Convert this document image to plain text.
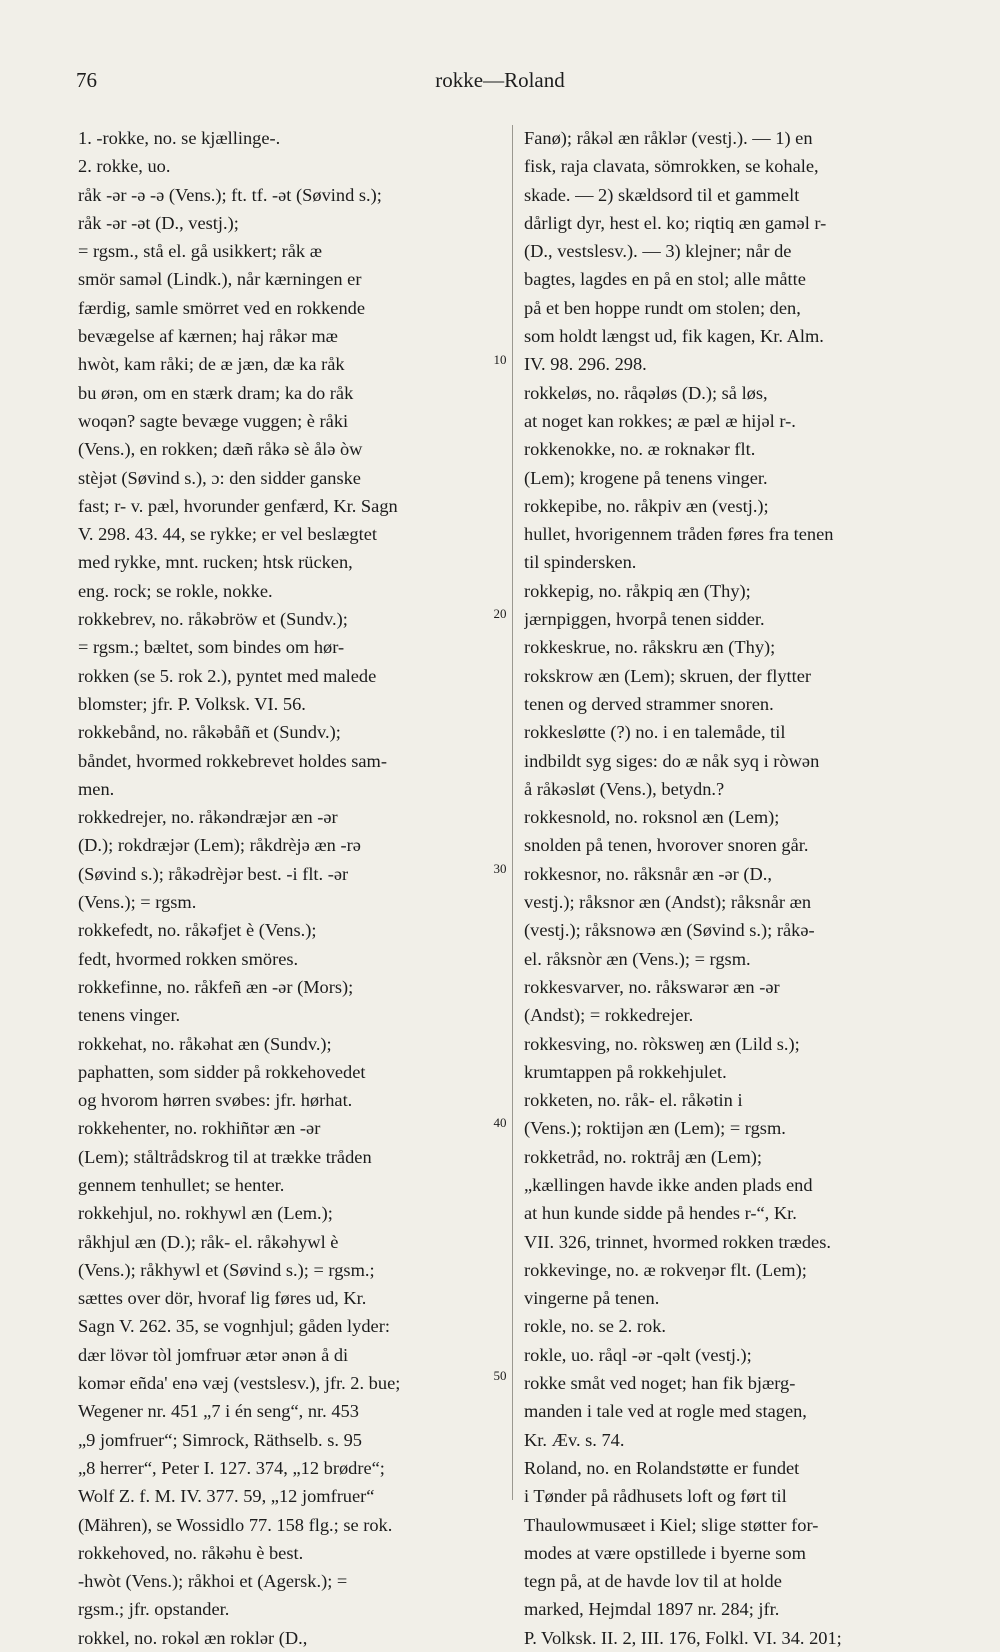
76	rokke—Roland
1. -rokke, no. se kjællinge-.
2. rokke, uo.
råk -ər -ə -ə (Vens.); ft. tf. -ət (Søvind s.);
råk -ər -ət (D., vestj.);
= rgsm., stå el. gå usikkert; råk æ
smör saməl (Lindk.), når kærningen er
færdig, samle smörret ved en rokkende
bevægelse af kærnen; haj råkər mæ
hwòt, kam råki; de æ jæn, dæ ka råk
bu ørən, om en stærk dram; ka do råk
woqən? sagte bevæge vuggen; è råki
(Vens.), en rokken; dæñ råkə sè ålə òw
stèjət (Søvind s.), ɔ: den sidder ganske
fast; r- v. pæl, hvorunder genfærd, Kr. Sagn
V. 298. 43. 44, se rykke; er vel beslægtet
med rykke, mnt. rucken; htsk rücken,
eng. rock; se rokle, nokke.
rokkebrev, no. råkəbröw et (Sundv.);
= rgsm.; bæltet, som bindes om hør-
rokken (se 5. rok 2.), pyntet med malede
blomster; jfr. P. Volksk. VI. 56.
rokkebånd, no. råkəbåñ et (Sundv.);
båndet, hvormed rokkebrevet holdes sam-
men.
rokkedrejer, no. råkəndræjər æn -ər
(D.); rokdræjər (Lem); råkdrèjə æn -rə
(Søvind s.); råkədrèjər best. -i flt. -ər
(Vens.); = rgsm.
rokkefedt, no. råkəfjet è (Vens.);
fedt, hvormed rokken smöres.
rokkefinne, no. råkfeñ æn -ər (Mors);
tenens vinger.
rokkehat, no. råkəhat æn (Sundv.);
paphatten, som sidder på rokkehovedet
og hvorom hørren svøbes: jfr. hørhat.
rokkehenter, no. rokhiñtər æn -ər
(Lem); ståltrådskrog til at trække tråden
gennem tenhullet; se henter.
rokkehjul, no. rokhywl æn (Lem.);
råkhjul æn (D.); råk- el. råkəhywl è
(Vens.); råkhywl et (Søvind s.); = rgsm.;
sættes over dör, hvoraf lig føres ud, Kr.
Sagn V. 262. 35, se vognhjul; gåden lyder:
dær lövər tòl jomfruər ætər ənən å di
komər eñda' enə væj (vestslesv.), jfr. 2. bue;
Wegener nr. 451 „7 i én seng“, nr. 453
„9 jomfruer“; Simrock, Räthselb. s. 95
„8 herrer“, Peter I. 127. 374, „12 brødre“;
Wolf Z. f. M. IV. 377. 59, „12 jomfruer“
(Mähren), se Wossidlo 77. 158 flg.; se rok.
rokkehoved, no. råkəhu è best.
-hwòt (Vens.); råkhoi et (Agersk.); =
rgsm.; jfr. opstander.
rokkel, no. rokəl æn roklər (D.,
Fanø); råkəl æn råklər (vestj.). — 1) en
fisk, raja clavata, sömrokken, se kohale,
skade. — 2) skældsord til et gammelt
dårligt dyr, hest el. ko; riqtiq æn gaməl r-
(D., vestslesv.). — 3) klejner; når de
bagtes, lagdes en på en stol; alle måtte
på et ben hoppe rundt om stolen; den,
som holdt længst ud, fik kagen, Kr. Alm.
IV. 98. 296. 298.
rokkeløs, no. råqəløs (D.); så løs,
at noget kan rokkes; æ pæl æ hijəl r-.
rokkenokke, no. æ roknakər flt.
(Lem); krogene på tenens vinger.
rokkepibe, no. råkpiv æn (vestj.);
hullet, hvorigennem tråden føres fra tenen
til spindersken.
rokkepig, no. råkpiq æn (Thy);
jærnpiggen, hvorpå tenen sidder.
rokkeskrue, no. råkskru æn (Thy);
rokskrow æn (Lem); skruen, der flytter
tenen og derved strammer snoren.
rokkesløtte (?) no. i en talemåde, til
indbildt syg siges: do æ nåk syq i ròwən
å råkəsløt (Vens.), betydn.?
rokkesnold, no. roksnol æn (Lem);
snolden på tenen, hvorover snoren går.
rokkesnor, no. råksnår æn -ər (D.,
vestj.); råksnor æn (Andst); råksnår æn
(vestj.); råksnowə æn (Søvind s.); råkə-
el. råksnòr æn (Vens.); = rgsm.
rokkesvarver, no. råkswarər æn -ər
(Andst); = rokkedrejer.
rokkesving, no. ròksweŋ æn (Lild s.);
krumtappen på rokkehjulet.
rokketen, no. råk- el. råkətin i
(Vens.); roktijən æn (Lem); = rgsm.
rokketråd, no. roktråj æn (Lem);
„kællingen havde ikke anden plads end
at hun kunde sidde på hendes r-“, Kr.
VII. 326, trinnet, hvormed rokken trædes.
rokkevinge, no. æ rokveŋər flt. (Lem);
vingerne på tenen.
rokle, no. se 2. rok.
rokle, uo. råql -ər -qəlt (vestj.);
rokke småt ved noget; han fik bjærg-
manden i tale ved at rogle med stagen,
Kr. Æv. s. 74.
Roland, no. en Rolandstøtte er fundet
i Tønder på rådhusets loft og ført til
Thaulowmusæet i Kiel; slige støtter for-
modes at være opstillede i byerne som
tegn på, at de havde lov til at holde
marked, Hejmdal 1897 nr. 284; jfr.
P. Volksk. II. 2, III. 176, Folkl. VI. 34. 201;
10
20
30
40
50
